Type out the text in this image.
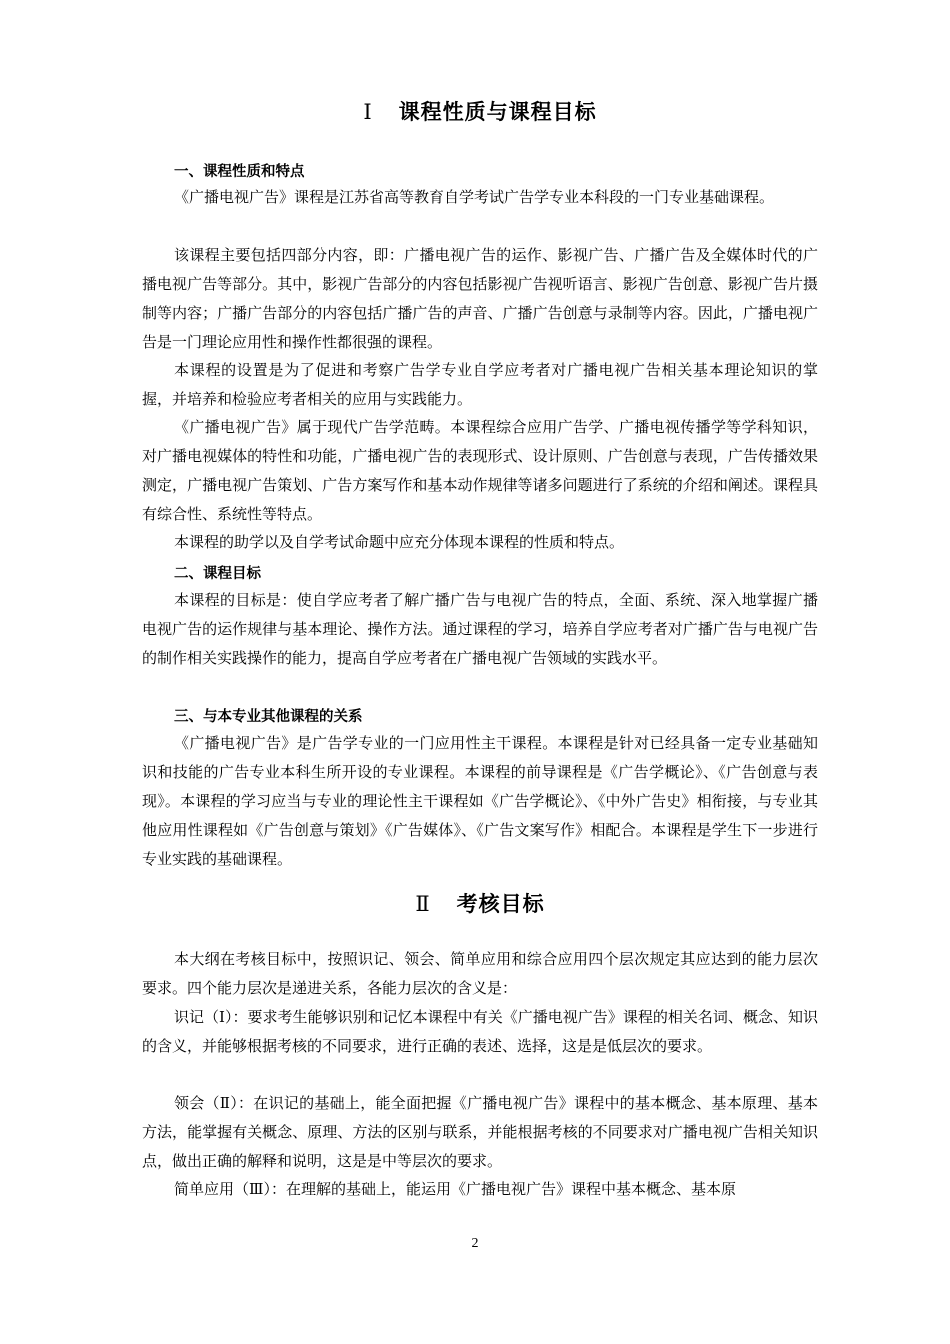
Ⅰ 课程性质与课程目标
一、课程性质和特点

《广播电视广告》课程是江苏省高等教育自学考试广告学专业本科段的一门专业基础课程。

该课程主要包括四部分内容，即：广播电视广告的运作、影视广告、广播广告及全媒体时代的广播电视广告等部分。其中，影视广告部分的内容包括影视广告视听语言、影视广告创意、影视广告片摄制等内容；广播广告部分的内容包括广播广告的声音、广播广告创意与录制等内容。因此，广播电视广告是一门理论应用性和操作性都很强的课程。

本课程的设置是为了促进和考察广告学专业自学应考者对广播电视广告相关基本理论知识的掌握，并培养和检验应考者相关的应用与实践能力。

《广播电视广告》属于现代广告学范畴。本课程综合应用广告学、广播电视传播学等学科知识，对广播电视媒体的特性和功能，广播电视广告的表现形式、设计原则、广告创意与表现，广告传播效果测定，广播电视广告策划、广告方案写作和基本动作规律等诸多问题进行了系统的介绍和阐述。课程具有综合性、系统性等特点。

本课程的助学以及自学考试命题中应充分体现本课程的性质和特点。

二、课程目标

本课程的目标是：使自学应考者了解广播广告与电视广告的特点，全面、系统、深入地掌握广播电视广告的运作规律与基本理论、操作方法。通过课程的学习，培养自学应考者对广播广告与电视广告的制作相关实践操作的能力，提高自学应考者在广播电视广告领域的实践水平。

三、与本专业其他课程的关系

《广播电视广告》是广告学专业的一门应用性主干课程。本课程是针对已经具备一定专业基础知识和技能的广告专业本科生所开设的专业课程。本课程的前导课程是《广告学概论》、《广告创意与表现》。本课程的学习应当与专业的理论性主干课程如《广告学概论》、《中外广告史》相衔接，与专业其他应用性课程如《广告创意与策划》《广告媒体》、《广告文案写作》相配合。本课程是学生下一步进行专业实践的基础课程。

Ⅱ 考核目标

本大纲在考核目标中，按照识记、领会、简单应用和综合应用四个层次规定其应达到的能力层次要求。四个能力层次是递进关系，各能力层次的含义是：

识记（Ⅰ）：要求考生能够识别和记忆本课程中有关《广播电视广告》课程的相关名词、概念、知识的含义，并能够根据考核的不同要求，进行正确的表述、选择，这是是低层次的要求。

领会（Ⅱ）：在识记的基础上，能全面把握《广播电视广告》课程中的基本概念、基本原理、基本方法，能掌握有关概念、原理、方法的区别与联系，并能根据考核的不同要求对广播电视广告相关知识点，做出正确的解释和说明，这是是中等层次的要求。

简单应用（Ⅲ）：在理解的基础上，能运用《广播电视广告》课程中基本概念、基本原

2
